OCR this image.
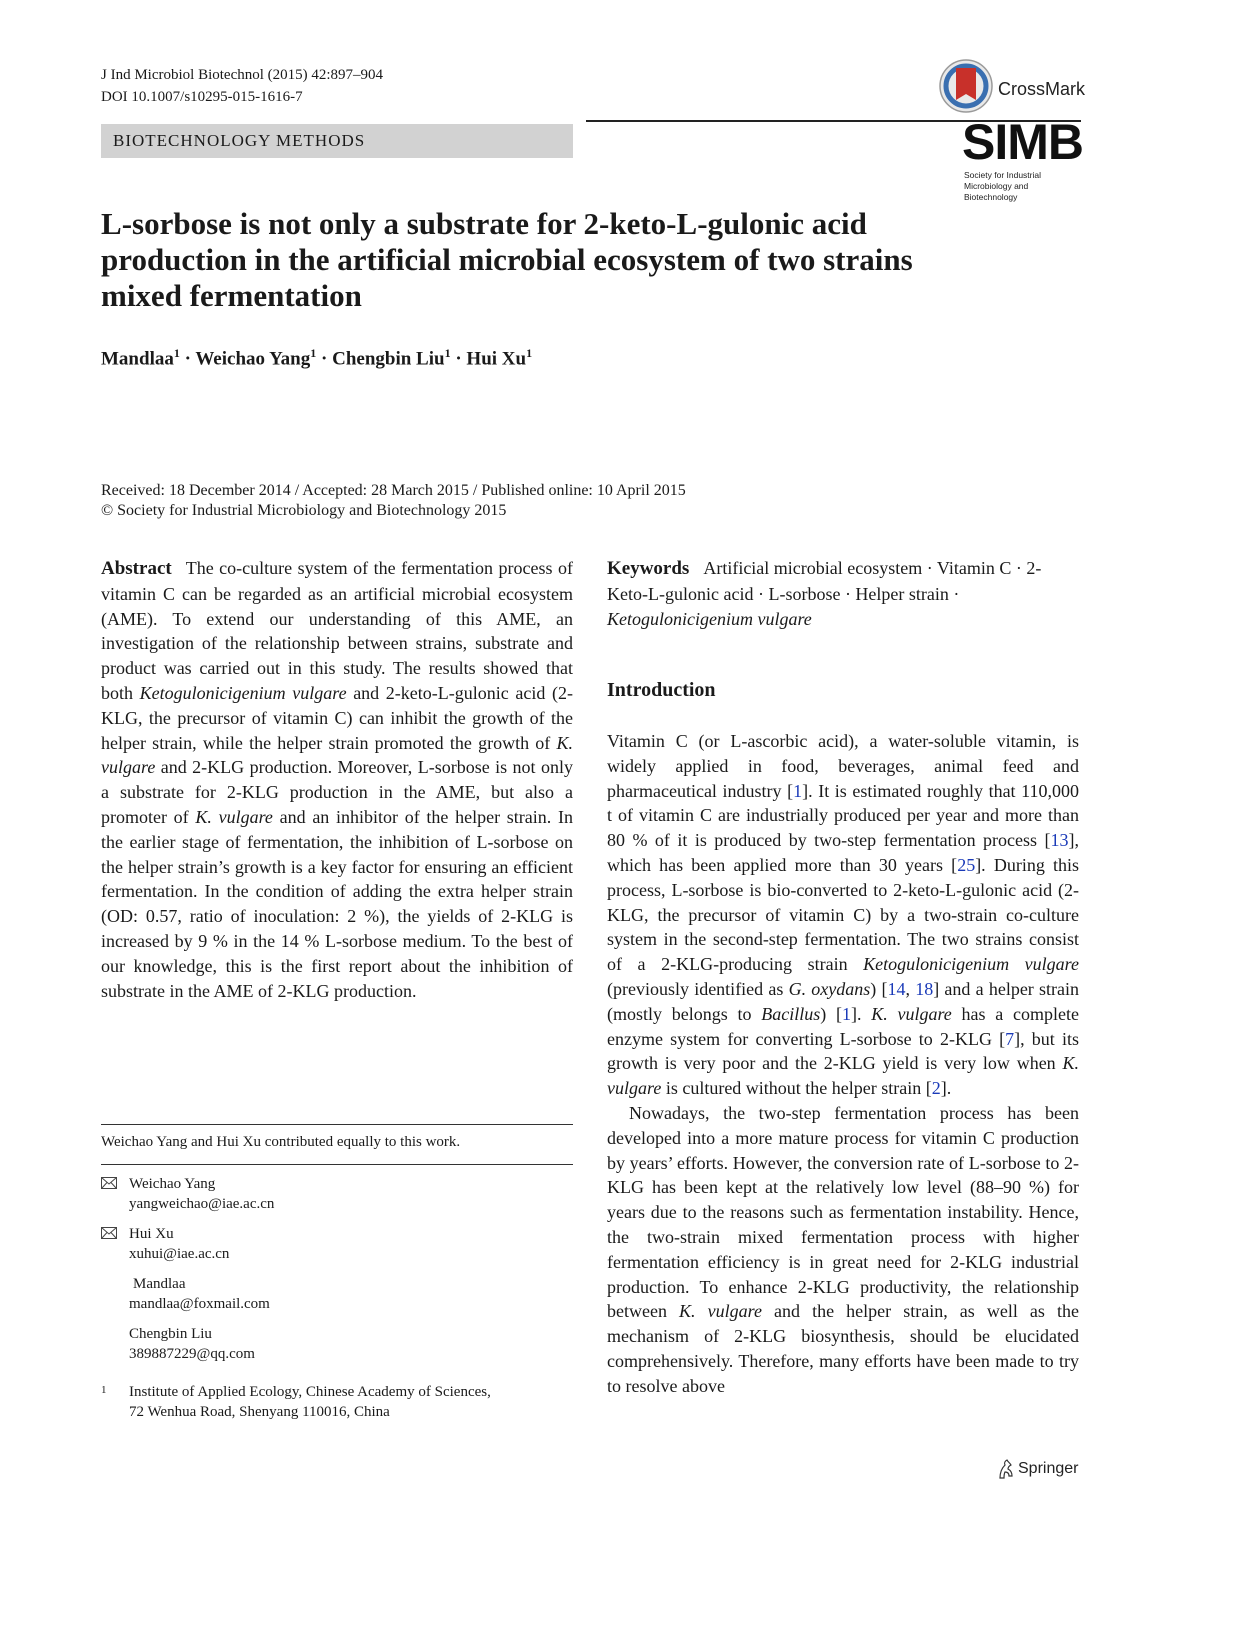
J Ind Microbiol Biotechnol (2015) 42:897–904
DOI 10.1007/s10295-015-1616-7
BIOTECHNOLOGY METHODS
CrossMark
SIMB
Society for Industrial Microbiology and Biotechnology
L-sorbose is not only a substrate for 2-keto-L-gulonic acid production in the artificial microbial ecosystem of two strains mixed fermentation
Mandlaa$^1$ · Weichao Yang$^1$ · Chengbin Liu$^1$ · Hui Xu$^1$
Received: 18 December 2014 / Accepted: 28 March 2015 / Published online: 10 April 2015
© Society for Industrial Microbiology and Biotechnology 2015
Abstract The co-culture system of the fermentation process of vitamin C can be regarded as an artificial microbial ecosystem (AME). To extend our understanding of this AME, an investigation of the relationship between strains, substrate and product was carried out in this study. The results showed that both Ketogulonicigenium vulgare and 2-keto-L-gulonic acid (2-KLG, the precursor of vitamin C) can inhibit the growth of the helper strain, while the helper strain promoted the growth of K. vulgare and 2-KLG production. Moreover, L-sorbose is not only a substrate for 2-KLG production in the AME, but also a promoter of K. vulgare and an inhibitor of the helper strain. In the earlier stage of fermentation, the inhibition of L-sorbose on the helper strain’s growth is a key factor for ensuring an efficient fermentation. In the condition of adding the extra helper strain (OD: 0.57, ratio of inoculation: 2 %), the yields of 2-KLG is increased by 9 % in the 14 % L-sorbose medium. To the best of our knowledge, this is the first report about the inhibition of substrate in the AME of 2-KLG production.
Keywords Artificial microbial ecosystem · Vitamin C · 2-Keto-L-gulonic acid · L-sorbose · Helper strain · Ketogulonicigenium vulgare
Introduction

Vitamin C (or L-ascorbic acid), a water-soluble vitamin, is widely applied in food, beverages, animal feed and pharmaceutical industry [1]. It is estimated roughly that 110,000 t of vitamin C are industrially produced per year and more than 80 % of it is produced by two-step fermentation process [13], which has been applied more than 30 years [25]. During this process, L-sorbose is bio-converted to 2-keto-L-gulonic acid (2-KLG, the precursor of vitamin C) by a two-strain co-culture system in the second-step fermentation. The two strains consist of a 2-KLG-producing strain Ketogulonicigenium vulgare (previously identified as G. oxydans) [14, 18] and a helper strain (mostly belongs to Bacillus) [1]. K. vulgare has a complete enzyme system for converting L-sorbose to 2-KLG [7], but its growth is very poor and the 2-KLG yield is very low when K. vulgare is cultured without the helper strain [2].

Nowadays, the two-step fermentation process has been developed into a more mature process for vitamin C production by years’ efforts. However, the conversion rate of L-sorbose to 2-KLG has been kept at the relatively low level (88–90 %) for years due to the reasons such as fermentation instability. Hence, the two-strain mixed fermentation process with higher fermentation efficiency is in great need for 2-KLG industrial production. To enhance 2-KLG productivity, the relationship between K. vulgare and the helper strain, as well as the mechanism of 2-KLG biosynthesis, should be elucidated comprehensively. Therefore, many efforts have been made to try to resolve above

Weichao Yang and Hui Xu contributed equally to this work.
Weichao Yang
yangweichao@iae.ac.cn
Hui Xu
xuhui@iae.ac.cn
Mandlaa
mandlaa@foxmail.com
Chengbin Liu
389887229@qq.com
1 Institute of Applied Ecology, Chinese Academy of Sciences,
72 Wenhua Road, Shenyang 110016, China
Springer
